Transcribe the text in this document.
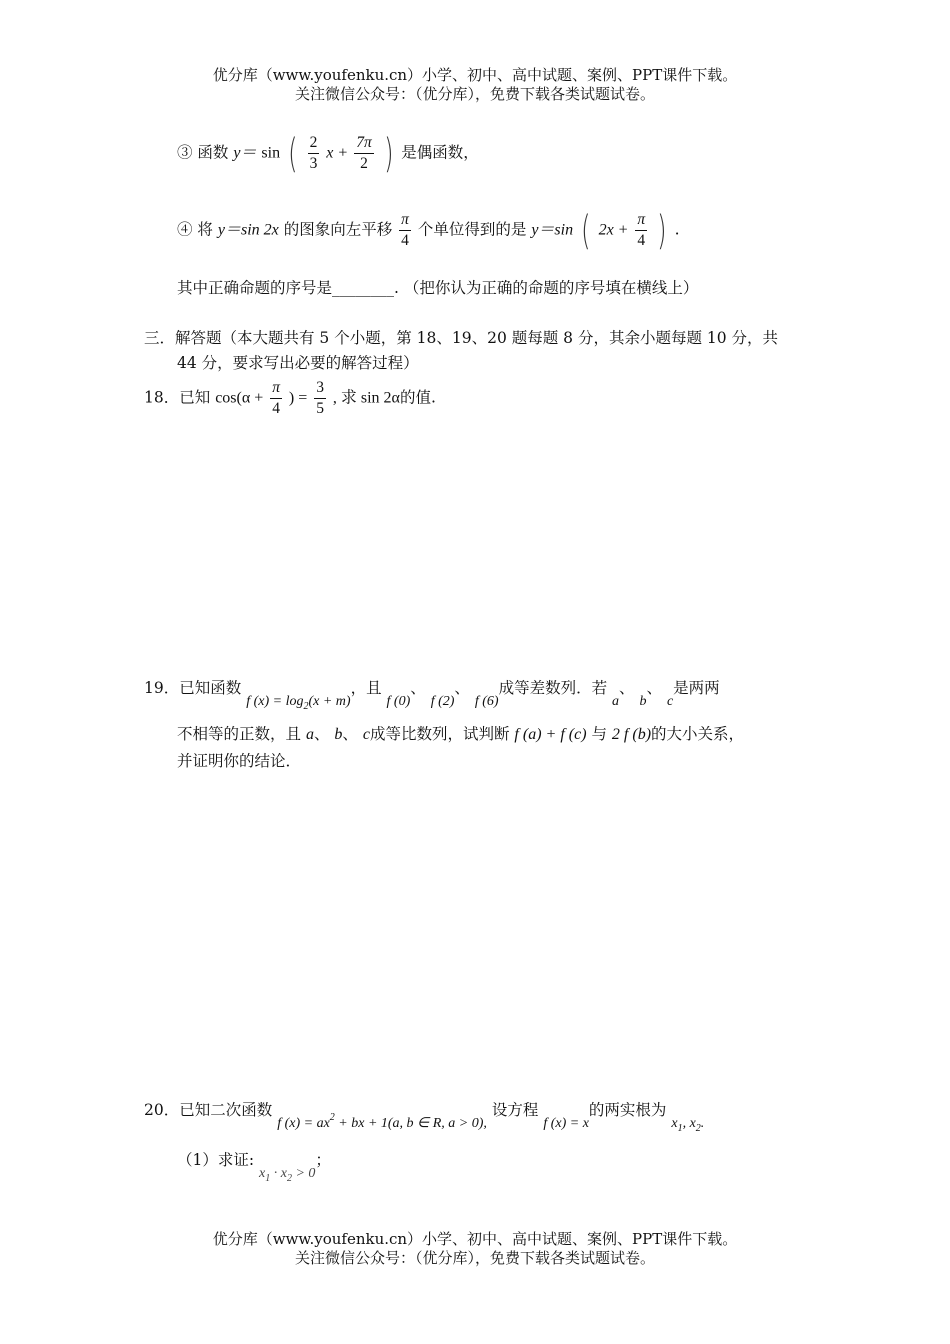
优分库（www.youfenku.cn）小学、初中、高中试题、案例、PPT课件下载。
关注微信公众号：（优分库），免费下载各类试题试卷。
③ 函数 y＝ sin ( $\frac{2}{3}$ $x + \frac{7\pi}{2}$ ) 是偶函数，
④ 将 y＝sin 2x 的图象向左平移 $\frac{\pi}{4}$ 个单位得到的是 y＝sin ( $2x + \frac{\pi}{4}$ ) .
其中正确命题的序号是________. （把你认为正确的命题的序号填在横线上）
三．解答题（本大题共有 5 个小题，第 18、19、20 题每题 8 分，其余小题每题 10 分，共
44 分，要求写出必要的解答过程）
18．已知 $\cos(\alpha + \frac{\pi}{4}$ ) = $\frac{3}{5}$ , 求 sin 2α的值.
19．已知函数 f $(x) = \log_2(x + m)$，且 f (0)、 f (2)、 f (6)成等差数列．若 a、 b、 c是两两
不相等的正数，且 a、 b、 c成等比数列，试判断 f (a) + f (c) 与 2 f (b)的大小关系，
并证明你的结论．
20．已知二次函数 f $(x) = ax^2$ + bx + 1(a, b ∈ R, a > 0), 设方程 f (x) = x的两实根为 $x_1$, $x_2$.
（1）求证: $x_1 \cdot x_2 > 0$；
优分库（www.youfenku.cn）小学、初中、高中试题、案例、PPT课件下载。
关注微信公众号：（优分库），免费下载各类试题试卷。
